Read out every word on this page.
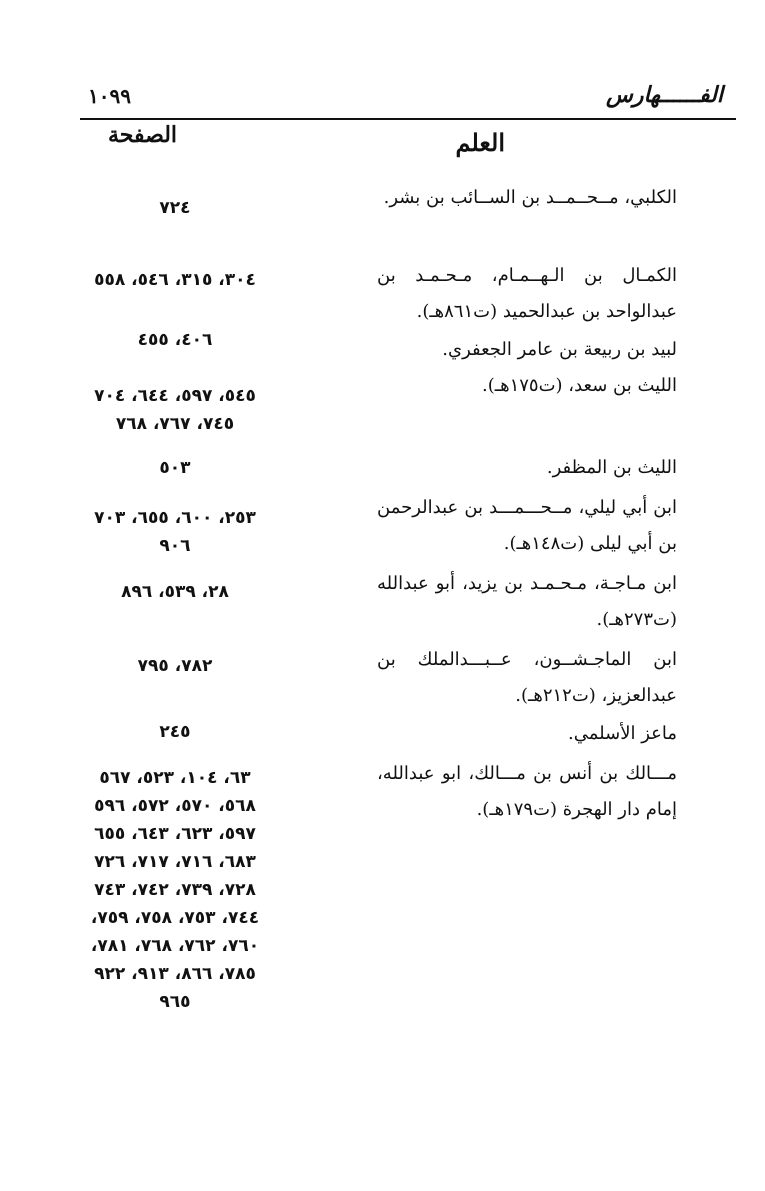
١٠٩٩	الفــــــهارس
الصفحة	العلم
الكلبي، مــحــمــد بن الســائب بن بشر.
٧٢٤
الكمـال بن الـهــمـام، مـحـمـد بن عبدالواحد بن عبدالحميد (ت٨٦١هـ).
٣٠٤، ٣١٥، ٥٤٦، ٥٥٨
لبيد بن ربيعة بن عامر الجعفري.
٤٠٦، ٤٥٥
الليث بن سعد، (ت١٧٥هـ).
٥٤٥، ٥٩٧، ٦٤٤، ٧٠٤
٧٤٥، ٧٦٧، ٧٦٨
الليث بن المظفر.
٥٠٣
ابن أبي ليلي، مــحـــمـــد بن عبدالرحمن بن أبي ليلى (ت١٤٨هـ).
٢٥٣، ٦٠٠، ٦٥٥، ٧٠٣
٩٠٦
ابن مـاجـة، مـحـمـد بن يزيد، أبو عبدالله (ت٢٧٣هـ).
٢٨، ٥٣٩، ٨٩٦
ابن الماجـشــون، عــبـــدالملك بن عبدالعزيز، (ت٢١٢هـ).
٧٨٢، ٧٩٥
ماعز الأسلمي.
٢٤٥
مـــالك بن أنس بن مـــالك، ابو عبدالله، إمام دار الهجرة (ت١٧٩هـ).
٦٣، ١٠٤، ٥٢٣، ٥٦٧
٥٦٨، ٥٧٠، ٥٧٢، ٥٩٦
٥٩٧، ٦٢٣، ٦٤٣، ٦٥٥
٦٨٣، ٧١٦، ٧١٧، ٧٢٦
٧٢٨، ٧٣٩، ٧٤٢، ٧٤٣
٧٤٤، ٧٥٣، ٧٥٨، ٧٥٩،
٧٦٠، ٧٦٢، ٧٦٨، ٧٨١،
٧٨٥، ٨٦٦، ٩١٣، ٩٢٢
٩٦٥
